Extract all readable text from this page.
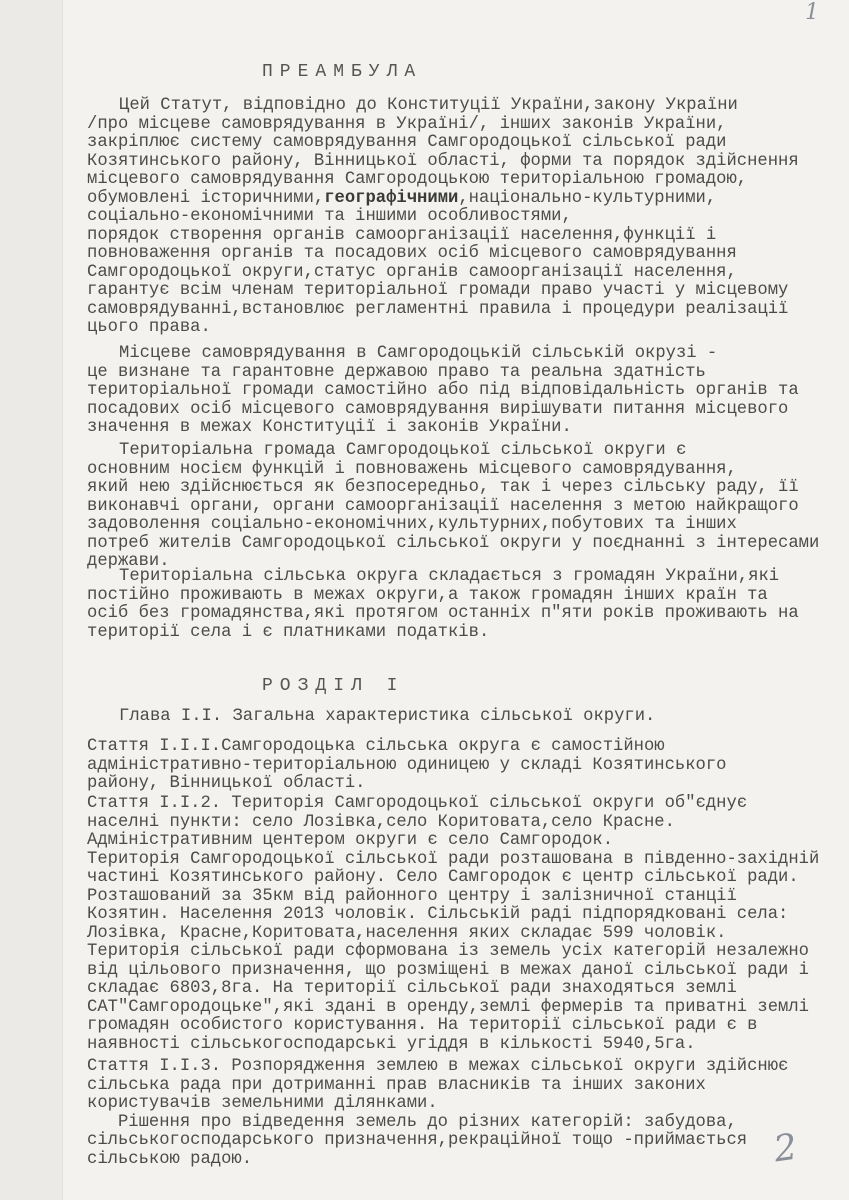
1
2
ПРЕАМБУЛА
РОЗДІЛ I
Цей Статут, відповідно до Конституції України,закону України
/про місцеве самоврядування в Україні/, інших законів України,
закріплює систему самоврядування Самгородоцької сільської ради
Козятинського району, Вінницької області, форми та порядок здійснення
місцевого самоврядування Самгородоцькою територіальною громадою,
обумовлені історичними,географічними,національно-культурними,
соціально-економічними та іншими особливостями,
порядок створення органів самоорганізації населення,функції і
повноваження органів та посадових осіб місцевого самоврядування
Самгородоцької округи,статус органів самоорганізації населення,
гарантує всім членам територіальної громади право участі у місцевому
самоврядуванні,встановлює регламентні правила і процедури реалізації
цього права.
Місцеве самоврядування в Самгородоцькій сільській окрузі -
це визнане та гарантовне державою право та реальна здатність
територіальної громади самостійно або під відповідальність органів та
посадових осіб місцевого самоврядування вирішувати питання місцевого
значення в межах Конституції і законів України.
Територіальна громада Самгородоцької сільської округи є
основним носієм функцій і повноважень місцевого самоврядування,
який нею здійснюється як безпосередньо, так і через сільську раду, її
виконавчі органи, органи самоорганізації населення з метою найкращого
задоволення соціально-економічних,культурних,побутових та інших
потреб жителів Самгородоцької сільської округи у поєднанні з інтересами
держави.
Територіальна сільська округа складається з громадян України,які
постійно проживають в межах округи,а також громадян інших країн та
осіб без громадянства,які протягом останніх п"яти років проживають на
території села і є платниками податків.
Глава I.I. Загальна характеристика сільської округи.
Стаття I.I.I.Самгородоцька сільська округа є самостійною
адміністративно-територіальною одиницею у складі Козятинського
району, Вінницької області.
Стаття I.I.2. Територія Самгородоцької сільської округи об"єднує
населні пункти: село Лозівка,село Коритовата,село Красне.
Адміністративним центером округи є село Самгородок.
Територія Самгородоцької сільської ради розташована в південно-західній
частині Козятинського району. Село Самгородок є центр сільської ради.
Розташований за 35км від районного центру і залізничної станції
Козятин. Населення 2013 чоловік. Сільській раді підпорядковані села:
Лозівка, Красне,Коритовата,населення яких складає 599 чоловік.
Територія сільської ради сформована із земель усіх категорій незалежно
від цільового призначення, що розміщені в межах даної сільської ради і
складає 6803,8га. На території сільської ради знаходяться землі
САТ"Самгородоцьке",які здані в оренду,землі фермерів та приватні землі
громадян особистого користування. На території сільської ради є в
наявності сільськогосподарські угіддя в кількості 5940,5га.
Стаття I.I.3. Розпорядження землею в межах сільської округи здійснює
сільська рада при дотриманні прав власників та інших законих
користувачів земельними ділянками.
Рішення про відведення земель до різних категорій: забудова,
сільськогосподарського призначення,рекраційної тощо -приймається
сільською радою.
